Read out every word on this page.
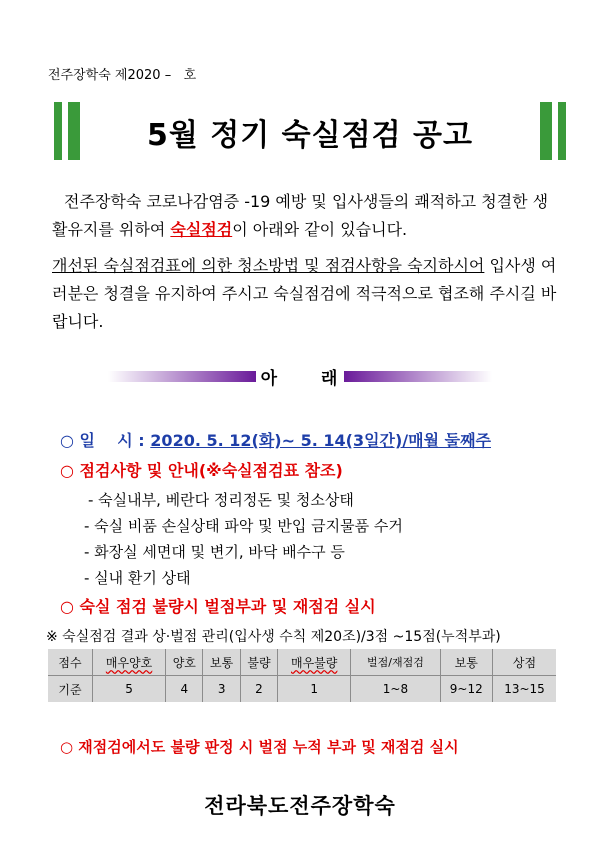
전주장학숙 제2020 –   호
5월 정기 숙실점검 공고
전주장학숙 코로나감염증 -19 예방 및 입사생들의 쾌적하고 청결한 생활유지를 위하여 숙실점검이 아래와 같이 있습니다.
개선된 숙실점검표에 의한 청소방법 및 점검사항을 숙지하시어 입사생 여러분은 청결을 유지하여 주시고 숙실점검에 적극적으로 협조해 주시길 바랍니다.
아 래
○ 일    시 : 2020. 5. 12(화)~ 5. 14(3일간)/매월 둘째주
○ 점검사항 및 안내(※숙실점검표 참조)
- 숙실내부, 베란다 정리정돈 및 청소상태
- 숙실 비품 손실상태 파악 및 반입 금지물품 수거
- 화장실 세면대 및 변기, 바닥 배수구 등
- 실내 환기 상태
○ 숙실 점검 불량시 벌점부과 및 재점검 실시
※ 숙실점검 결과 상·벌점 관리(입사생 수칙 제20조)/3점 ~15점(누적부과)
점수	매우양호	양호	보통	불량	매우불량	벌점/재점검	보통	상점
기준	5	4	3	2	1	1~8	9~12	13~15
○ 재점검에서도 불량 판정 시 벌점 누적 부과 및 재점검 실시
전라북도전주장학숙
